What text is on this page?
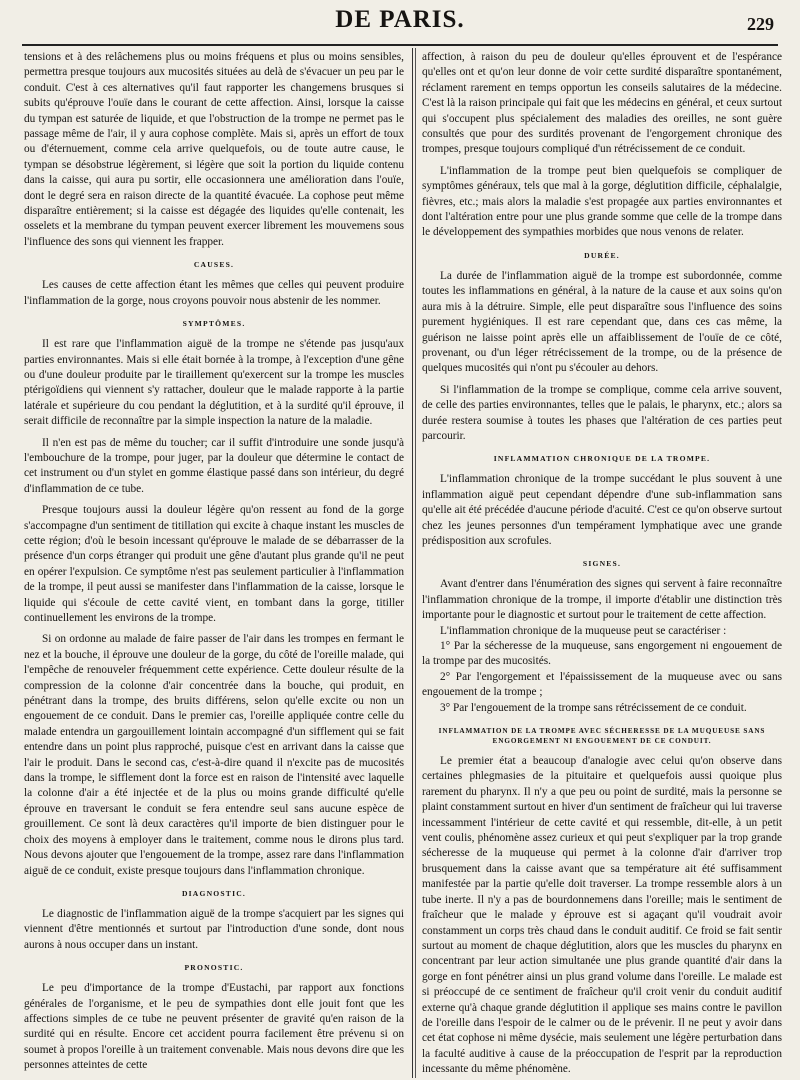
DE PARIS.	229

tensions et à des relâchemens plus ou moins fréquens et plus ou moins sensibles, permettra presque toujours aux mucosités situées au delà de s'évacuer un peu par le conduit. C'est à ces alternatives qu'il faut rapporter les changemens brusques si subits qu'éprouve l'ouïe dans le courant de cette affection. Ainsi, lorsque la caisse du tympan est saturée de liquide, et que l'obstruction de la trompe ne permet pas le passage même de l'air, il y aura cophose complète. Mais si, après un effort de toux ou d'éternuement, comme cela arrive quelquefois, ou de toute autre cause, le tympan se désobstrue légèrement, si légère que soit la portion du liquide contenu dans la caisse, qui aura pu sortir, elle occasionnera une amélioration dans l'ouïe, dont le degré sera en raison directe de la quantité évacuée. La cophose peut même disparaître entièrement; si la caisse est dégagée des liquides qu'elle contenait, les osselets et la membrane du tympan peuvent exercer librement les mouvemens sous l'influence des sons qui viennent les frapper.

CAUSES.

Les causes de cette affection étant les mêmes que celles qui peuvent produire l'inflammation de la gorge, nous croyons pouvoir nous abstenir de les nommer.

SYMPTÔMES.

Il est rare que l'inflammation aiguë de la trompe ne s'étende pas jusqu'aux parties environnantes. Mais si elle était bornée à la trompe, à l'exception d'une gêne ou d'une douleur produite par le tiraillement qu'exercent sur la trompe les muscles ptérigoïdiens qui viennent s'y rattacher, douleur que le malade rapporte à la partie latérale et supérieure du cou pendant la déglutition, et à la surdité qu'il éprouve, il serait difficile de reconnaître par la simple inspection la nature de la maladie.

Il n'en est pas de même du toucher; car il suffit d'introduire une sonde jusqu'à l'embouchure de la trompe, pour juger, par la douleur que détermine le contact de cet instrument ou d'un stylet en gomme élastique passé dans son intérieur, du degré d'inflammation de ce tube.

Presque toujours aussi la douleur légère qu'on ressent au fond de la gorge s'accompagne d'un sentiment de titillation qui excite à chaque instant les muscles de cette région; d'où le besoin incessant qu'éprouve le malade de se débarrasser de la présence d'un corps étranger qui produit une gêne d'autant plus grande qu'il ne peut en opérer l'expulsion. Ce symptôme n'est pas seulement particulier à l'inflammation de la trompe, il peut aussi se manifester dans l'inflammation de la caisse, lorsque le liquide qui s'écoule de cette cavité vient, en tombant dans la gorge, titiller continuellement les environs de la trompe.

Si on ordonne au malade de faire passer de l'air dans les trompes en fermant le nez et la bouche, il éprouve une douleur de la gorge, du côté de l'oreille malade, qui l'empêche de renouveler fréquemment cette expérience. Cette douleur résulte de la compression de la colonne d'air concentrée dans la bouche, qui produit, en pénétrant dans la trompe, des bruits différens, selon qu'elle excite ou non un engouement de ce conduit. Dans le premier cas, l'oreille appliquée contre celle du malade entendra un gargouillement lointain accompagné d'un sifflement qui se fait entendre dans un point plus rapproché, puisque c'est en arrivant dans la caisse que l'air le produit. Dans le second cas, c'est-à-dire quand il n'excite pas de mucosités dans la trompe, le sifflement dont la force est en raison de l'intensité avec laquelle la colonne d'air a été injectée et de la plus ou moins grande difficulté qu'elle éprouve en traversant le conduit se fera entendre seul sans aucune espèce de grouillement. Ce sont là deux caractères qu'il importe de bien distinguer pour le choix des moyens à employer dans le traitement, comme nous le dirons plus tard. Nous devons ajouter que l'engouement de la trompe, assez rare dans l'inflammation aiguë de ce conduit, existe presque toujours dans l'inflammation chronique.

DIAGNOSTIC.

Le diagnostic de l'inflammation aiguë de la trompe s'acquiert par les signes qui viennent d'être mentionnés et surtout par l'introduction d'une sonde, dont nous aurons à nous occuper dans un instant.

PRONOSTIC.

Le peu d'importance de la trompe d'Eustachi, par rapport aux fonctions générales de l'organisme, et le peu de sympathies dont elle jouit font que les affections simples de ce tube ne peuvent présenter de gravité qu'en raison de la surdité qui en résulte. Encore cet accident pourra facilement être prévenu si on soumet à propos l'oreille à un traitement convenable. Mais nous devons dire que les personnes atteintes de cette

affection, à raison du peu de douleur qu'elles éprouvent et de l'espérance qu'elles ont et qu'on leur donne de voir cette surdité disparaître spontanément, réclament rarement en temps opportun les conseils salutaires de la médecine. C'est là la raison principale qui fait que les médecins en général, et ceux surtout qui s'occupent plus spécialement des maladies des oreilles, ne sont guère consultés que pour des surdités provenant de l'engorgement chronique des trompes, presque toujours compliqué d'un rétrécissement de ce conduit.

L'inflammation de la trompe peut bien quelquefois se compliquer de symptômes généraux, tels que mal à la gorge, déglutition difficile, céphalalgie, fièvres, etc.; mais alors la maladie s'est propagée aux parties environnantes et dont l'altération entre pour une plus grande somme que celle de la trompe dans le développement des sympathies morbides que nous venons de relater.

DURÉE.

La durée de l'inflammation aiguë de la trompe est subordonnée, comme toutes les inflammations en général, à la nature de la cause et aux soins qu'on aura mis à la détruire. Simple, elle peut disparaître sous l'influence des soins purement hygiéniques. Il est rare cependant que, dans ces cas même, la guérison ne laisse point après elle un affaiblissement de l'ouïe de ce côté, provenant, ou d'un léger rétrécissement de la trompe, ou de la présence de quelques mucosités qui n'ont pu s'écouler au dehors.

Si l'inflammation de la trompe se complique, comme cela arrive souvent, de celle des parties environnantes, telles que le palais, le pharynx, etc.; alors sa durée restera soumise à toutes les phases que l'altération de ces parties peut parcourir.

INFLAMMATION CHRONIQUE DE LA TROMPE.

L'inflammation chronique de la trompe succédant le plus souvent à une inflammation aiguë peut cependant dépendre d'une sub-inflammation sans qu'elle ait été précédée d'aucune période d'acuité. C'est ce qu'on observe surtout chez les jeunes personnes d'un tempérament lymphatique avec une grande prédisposition aux scrofules.

SIGNES.

Avant d'entrer dans l'énumération des signes qui servent à faire reconnaître l'inflammation chronique de la trompe, il importe d'établir une distinction très importante pour le diagnostic et surtout pour le traitement de cette affection.

L'inflammation chronique de la muqueuse peut se caractériser :

1° Par la sécheresse de la muqueuse, sans engorgement ni engouement de la trompe par des mucosités.

2° Par l'engorgement et l'épaississement de la muqueuse avec ou sans engouement de la trompe ;

3° Par l'engouement de la trompe sans rétrécissement de ce conduit.

INFLAMMATION DE LA TROMPE AVEC SÉCHERESSE DE LA MUQUEUSE SANS ENGORGEMENT NI ENGOUEMENT DE CE CONDUIT.

Le premier état a beaucoup d'analogie avec celui qu'on observe dans certaines phlegmasies de la pituitaire et quelquefois aussi quoique plus rarement du pharynx. Il n'y a que peu ou point de surdité, mais la personne se plaint constamment surtout en hiver d'un sentiment de fraîcheur qui lui traverse incessamment l'intérieur de cette cavité et qui ressemble, dit-elle, à un petit vent coulis, phénomène assez curieux et qui peut s'expliquer par la trop grande sécheresse de la muqueuse qui permet à la colonne d'air d'arriver trop brusquement dans la caisse avant que sa température ait été suffisamment manifestée par la partie qu'elle doit traverser. La trompe ressemble alors à un tube inerte. Il n'y a pas de bourdonnemens dans l'oreille; mais le sentiment de fraîcheur que le malade y éprouve est si agaçant qu'il voudrait avoir constamment un corps très chaud dans le conduit auditif. Ce froid se fait sentir surtout au moment de chaque déglutition, alors que les muscles du pharynx en concentrant par leur action simultanée une plus grande quantité d'air dans la gorge en font pénétrer ainsi un plus grand volume dans l'oreille. Le malade est si préoccupé de ce sentiment de fraîcheur qu'il croit venir du conduit auditif externe qu'à chaque grande déglutition il applique ses mains contre le pavillon de l'oreille dans l'espoir de le calmer ou de le prévenir. Il ne peut y avoir dans cet état cophose ni même dysécie, mais seulement une légère perturbation dans la faculté auditive à cause de la préoccupation de l'esprit par la reproduction incessante du même phénomène.
